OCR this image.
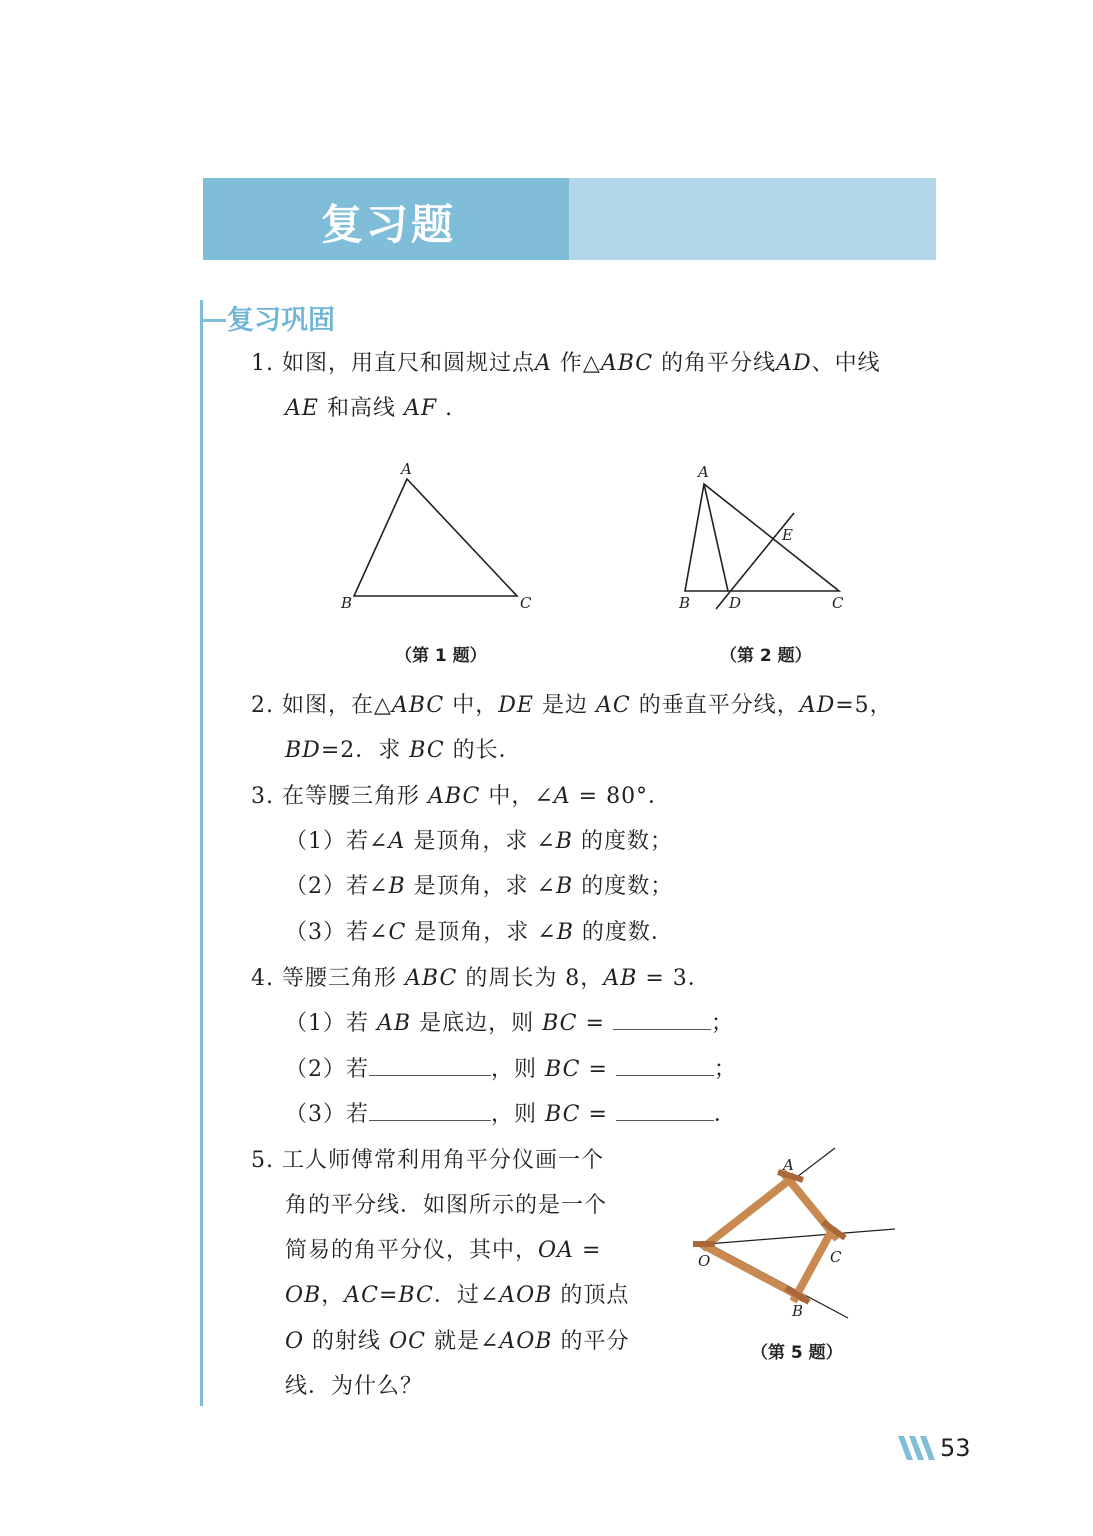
复习题
复习巩固
1. 如图，用直尺和圆规过点A 作△ABC 的角平分线AD、中线
AE 和高线 AF .
A
B	C
（第 1 题）
A
B	D	C
E
（第 2 题）
2. 如图，在△ABC 中，DE 是边 AC 的垂直平分线，AD=5，
BD=2．求 BC 的长．
3. 在等腰三角形 ABC 中，∠A = 80°．
（1）若∠A 是顶角，求 ∠B 的度数；
（2）若∠B 是顶角，求 ∠B 的度数；
（3）若∠C 是顶角，求 ∠B 的度数．
4. 等腰三角形 ABC 的周长为 8，AB = 3．
（1）若 AB 是底边，则 BC =	；
（2）若	，则 BC =	；
（3）若	，则 BC =	．
5. 工人师傅常利用角平分仪画一个
角的平分线．如图所示的是一个
简易的角平分仪，其中，OA =
OB，AC=BC．过∠AOB 的顶点
O 的射线 OC 就是∠AOB 的平分
线．为什么？
A
O	C
B
（第 5 题）
53
